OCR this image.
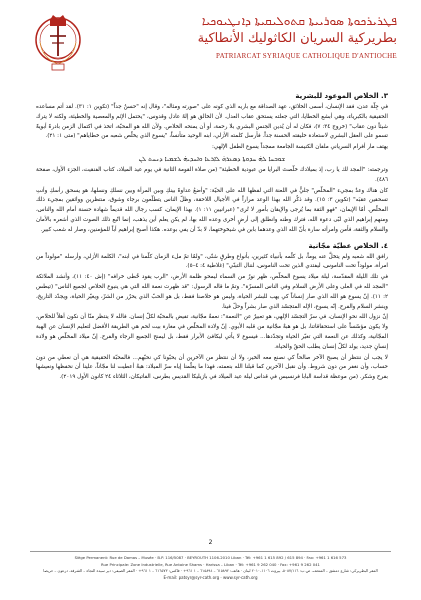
ܦܛܪܝܪܟܘܬܐ ܣܘܪܝܝܬܐ ܩܬܘܠܝܩܝܬܐ ܕܐܢܛܝܘܟܝܐ
بطريركية السريان الكاثوليك الأنطاكية
PATRIARCAT SYRIAQUE CATHOLIQUE D'ANTIOCHE
٣. الخلاص الموعود للبشرية

في جِلّة عدن، فقد الإنسان، أسمى الخلائق، عهد الصداقة مع باريه الذي كونه على "صورته ومثاله"، وقال إنه "حسنٌ جداً" (تكوين ١: ٣١). لقد أتم مساعده الحقيقية بالكبرياء، وهي أبشع الخطايا، التي جعلته يستحق عقاب العدل. لأن الخالق هو إلهٌ عادل وقدوس، "يحتمل الإثم والمعصية والخطيئة، ولكنه لا يترك شيئاً دون عقاب" (خروج ٣٤: ٧)، فكان له أن يُدين الجنس البشري بلا رحمة، أو أن يمنحه الخلاص. ولأن الله هو المحبّة، اتخذ في اكتمال الزمن بادرةً أبويةً تسمو على العقل البشري لاستعادة خليقته الحسنة جداً. فأرسل كلمته الأزلي، ابنه الوحيد متأنساً، "يسوع الذي يخلّص شعبه من خطاياهم" (متى ١: ٢١).

يهتف مار أفرام السرياني ملفان الكنيسة الجامعة ممجداً يسوع الطفل الإلهي:

ܫܘܒܚܐ ܠܗ̇ ܚܕܘܬܐ ܕܣܥܪܗ̇ ܠܐܪܥܐ ܘܐܚܕܝܗ̇ ܠܫܡܝܐ ܕܢܚܬ ܠܢ

وترجمته: "المجد لك يا رب، إذ بميلادك خلّصتَ البرايا من عبودية الخطيئة" (من صلاة القومة الثانية في يوم عيد الميلاد، كتاب الفنقيث، الجزء الأول، صفحة ٤٨٦).

كان هناك وعدٌ بمجيء "المخلّص" جليٌّ في اللعنة التي لفظها الله على الحيّة: "وأضعُ عداوةً بينكِ وبين المرأة وبين نسلكِ ونسلها، هو يسحق رأسكِ وأنتِ تسحقين عقبَه" (تكوين ٣: ١٥). وقد ذكّر الله بهذا الوعد مراراً في الأجيال اللاحقة، وظلّ الناس يتطلّعون برجاء وشوق، منتظرين وواثقين بمجيء ذلك المخلّص. أمّا الإيمان، "فهو الثقة بما يُرجى والإيقان بأمور لا تُرى" (عبرانيين ١١: ١). بهذا الإيمان، كسب رجال الله قديماً شهادة حسنة أمام الله والناس، ومنهم إبراهيم الذي لبّى دعوة الله، فترك وطنه وانطلق إلى أرضٍ أخرى وعده الله بها، لم يكن يعلم أين يذهب، إنما اتّبع ذلك الصوت الذي أشعره بالأمان والسلام والثقة، فأمن وامرأته سارة بأنّ الله الذي وعدهما بابن في شيخوختهما، لا بدّ أن يفي بوعده. هكذا أصبح إبراهيم أباً للمؤمنين، وصار له شعب كبير.

٤. الخلاص عطيّة مجّانية

رافق الله شعبه ولم يتخلَّ عنه يوماً، بل كلّمه بأنبياء كثيرين، بأنواع وطرقٍ شتّى، "ولمّا تمّ ملء الزمان كلّمنا في ابنه"، الكلمة الأزلي، وأرسله "مولوداً من امرأة، مولوداً تحت الناموس، ليفتدي الذين تحت الناموس، لننال التبنّي" (غلاطية ٤: ٤–٥).

في تلك الليلة المقدّسة، ليلة ميلاد يسوع المخلّص، ظهر نورٌ من السماء ليمحو ظلمة الأرض، "الرب يقود خُطى خرافه" (إش ٤٠: ١١)، وأنشد الملائكة "المجد لله في العلى وعلى الأرض السلام وفي الناس المسرّة". وتمّ ما قاله الرسول: "قد ظهرت نعمة الله التي هي ينبوع الخلاص لجميع الناس" (تيطس ٢: ١١). إنّ يسوع هو الله الذي صار إنساناً كي يهب للبشر الحياة، وليس هو خلاصنا فقط، بل هو الحبّ الذي يحرّر من الشرّ، ويغيّر الحياة، ويجدّد التاريخ، وينشر السلام والفرح. إنّه يسوع، الإله المتجسّد الذي صار بشراً وحلّ فينا.

إنّ نزول الله نحو الإنسان، في سرّ التجسّد الإلهي، هو تعبيرٌ عن "النعمة": نعمةٌ مجّانية، تفيض بالمحبّة لكلّ إنسان. فالله لا ينتظر منّا أن نكون أهلاً للخلاص، ولا يكون مؤسّساً على استحقاقاتنا، بل هو هبةٌ مجّانية من قلبه الأبوي. إنّ ولادة المخلّص في مغارة بيت لحم هي الطريقة الأفضل لتعليم الإنسان عن الهبة المجّانية، وكذلك عن النعمة التي تغيّر الحياة وتجدّدها... فيسوع لا يأتي ليكافئ الأبرار فقط، بل ليمنح الجميع الرجاء والفرح. إنّ ميلاد المخلّص هو ولادة إنسانٍ جديد، يولد لكلّ إنسان يطلب الحقّ والحياة.

لا يجب أن ننتظر أن يصبح الآخر صالحاً كي نصنع معه الخير، ولا أن ننتظر من الآخرين أن يحبّونا كي نحبّهم... فالمحبّة الحقيقية هي أن نعطي من دون حساب، وأن نغفر من دون شروط. وأن نقبل الآخرين كما قبلنا الله بنعمته، فهذا ما يعلّمنا إياه سرّ الميلاد: هبةٌ أعطيت لنا مجّاناً، علينا أن نحفظها ونعيشها بفرح وشكر. (من موعظة قداسة البابا فرنسيس في قداس ليلة عيد الميلاد في بازيليكا القديس بطرس، الفاتيكان، الثلاثاء ٢٤ كانون الأول ٢٠١٩).

2
Siège Permanent: Rue de Damas – Musée · B.P. 116/5087 · BEYROUTH 1106-2010 Liban · Tél: +961 1 615 892 / 615 894 · Fax: +961 1 616 573
Rue Principale: Zone Industrielle, Rue Antoine Shams · Harissa – Liban · Tél: +961 9 262 040 · Fax: +961 9 262 041
المقر البطريركي: شارع دمشق – المتحف، ص.ب: ٥٠٨٧/١١٦، بيروت ١١٠٦-٢٠١٠ لبنان · هاتف: ٦١٥٨٩٢ – ٦١٥٨٩٤ – ١ ٩٦١+ · فاكس: ٦١٦٥٧٣ – ١ ٩٦١+ · المقر الصيفي: دير سيدة النجاة – الشرفة، درعون – حريصا
E-mail: patsyr@syr-cath.org · www.syr-cath.org
